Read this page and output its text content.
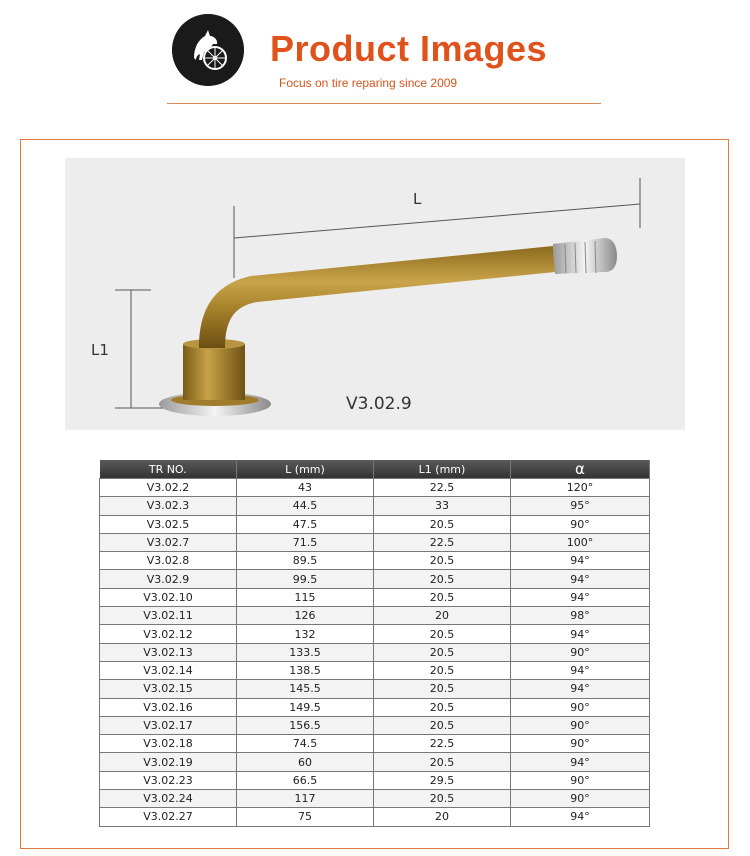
Product Images
Focus on tire reparing since 2009
L
L1
V3.02.9
TR NO.	L (mm)	L1 (mm)	α
V3.02.2	43	22.5	120°
V3.02.3	44.5	33	95°
V3.02.5	47.5	20.5	90°
V3.02.7	71.5	22.5	100°
V3.02.8	89.5	20.5	94°
V3.02.9	99.5	20.5	94°
V3.02.10	115	20.5	94°
V3.02.11	126	20	98°
V3.02.12	132	20.5	94°
V3.02.13	133.5	20.5	90°
V3.02.14	138.5	20.5	94°
V3.02.15	145.5	20.5	94°
V3.02.16	149.5	20.5	90°
V3.02.17	156.5	20.5	90°
V3.02.18	74.5	22.5	90°
V3.02.19	60	20.5	94°
V3.02.23	66.5	29.5	90°
V3.02.24	117	20.5	90°
V3.02.27	75	20	94°
